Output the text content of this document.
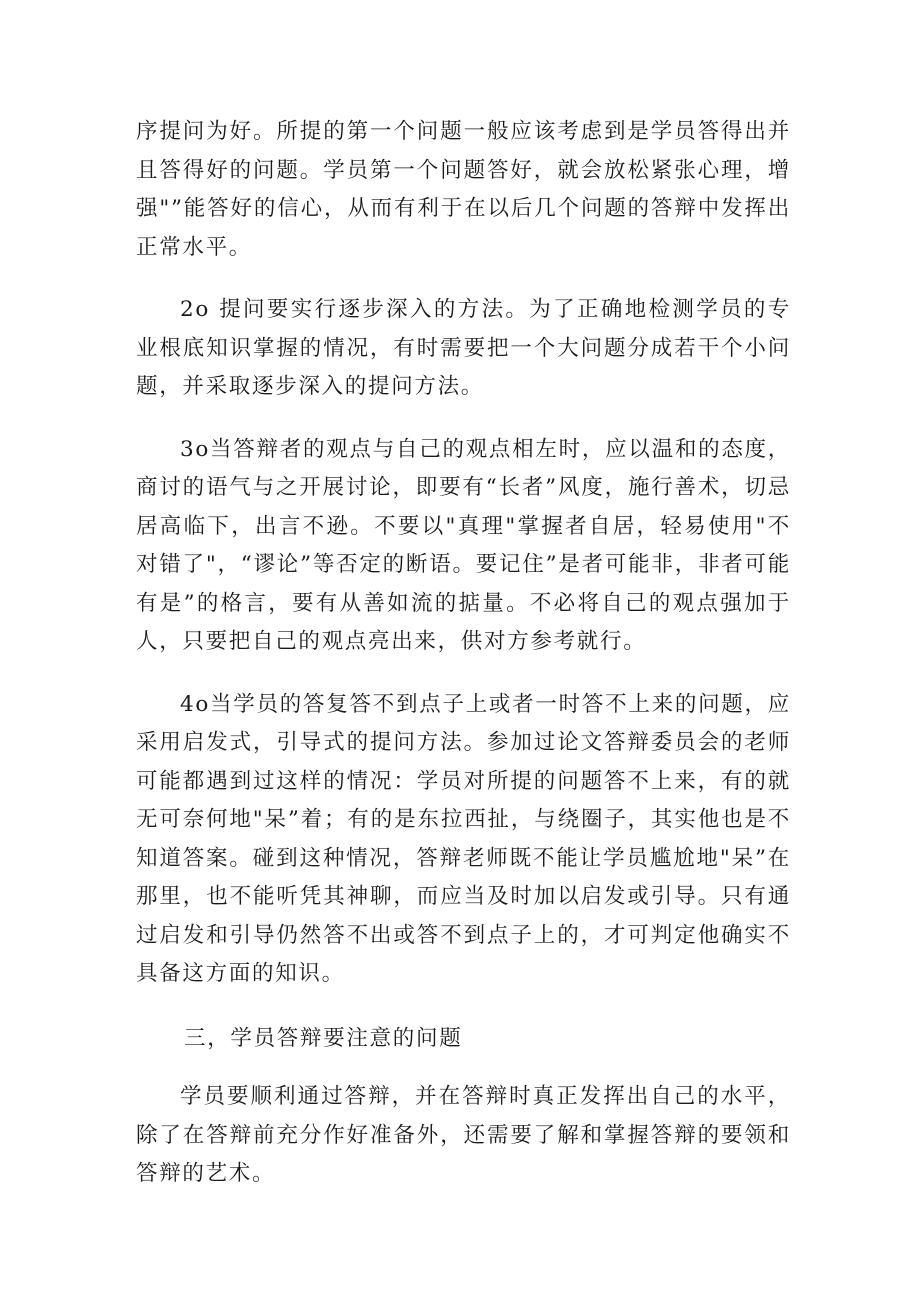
序提问为好。所提的第一个问题一般应该考虑到是学员答得出并且答得好的问题。学员第一个问题答好，就会放松紧张心理，增强"”能答好的信心，从而有利于在以后几个问题的答辩中发挥出正常水平。

2o 提问要实行逐步深入的方法。为了正确地检测学员的专业根底知识掌握的情况，有时需要把一个大问题分成若干个小问题，并采取逐步深入的提问方法。

3o当答辩者的观点与自己的观点相左时，应以温和的态度，商讨的语气与之开展讨论，即要有“长者”风度，施行善术，切忌居高临下，出言不逊。不要以"真理"掌握者自居，轻易使用"不对错了"，“谬论”等否定的断语。要记住”是者可能非，非者可能有是”的格言，要有从善如流的掂量。不必将自己的观点强加于人，只要把自己的观点亮出来，供对方参考就行。

4o当学员的答复答不到点子上或者一时答不上来的问题，应采用启发式，引导式的提问方法。参加过论文答辩委员会的老师可能都遇到过这样的情况：学员对所提的问题答不上来，有的就无可奈何地"呆”着；有的是东拉西扯，与绕圈子，其实他也是不知道答案。碰到这种情况，答辩老师既不能让学员尴尬地"呆”在那里，也不能听凭其神聊，而应当及时加以启发或引导。只有通过启发和引导仍然答不出或答不到点子上的，才可判定他确实不具备这方面的知识。

三，学员答辩要注意的问题

学员要顺利通过答辩，并在答辩时真正发挥出自己的水平，除了在答辩前充分作好准备外，还需要了解和掌握答辩的要领和答辩的艺术。
